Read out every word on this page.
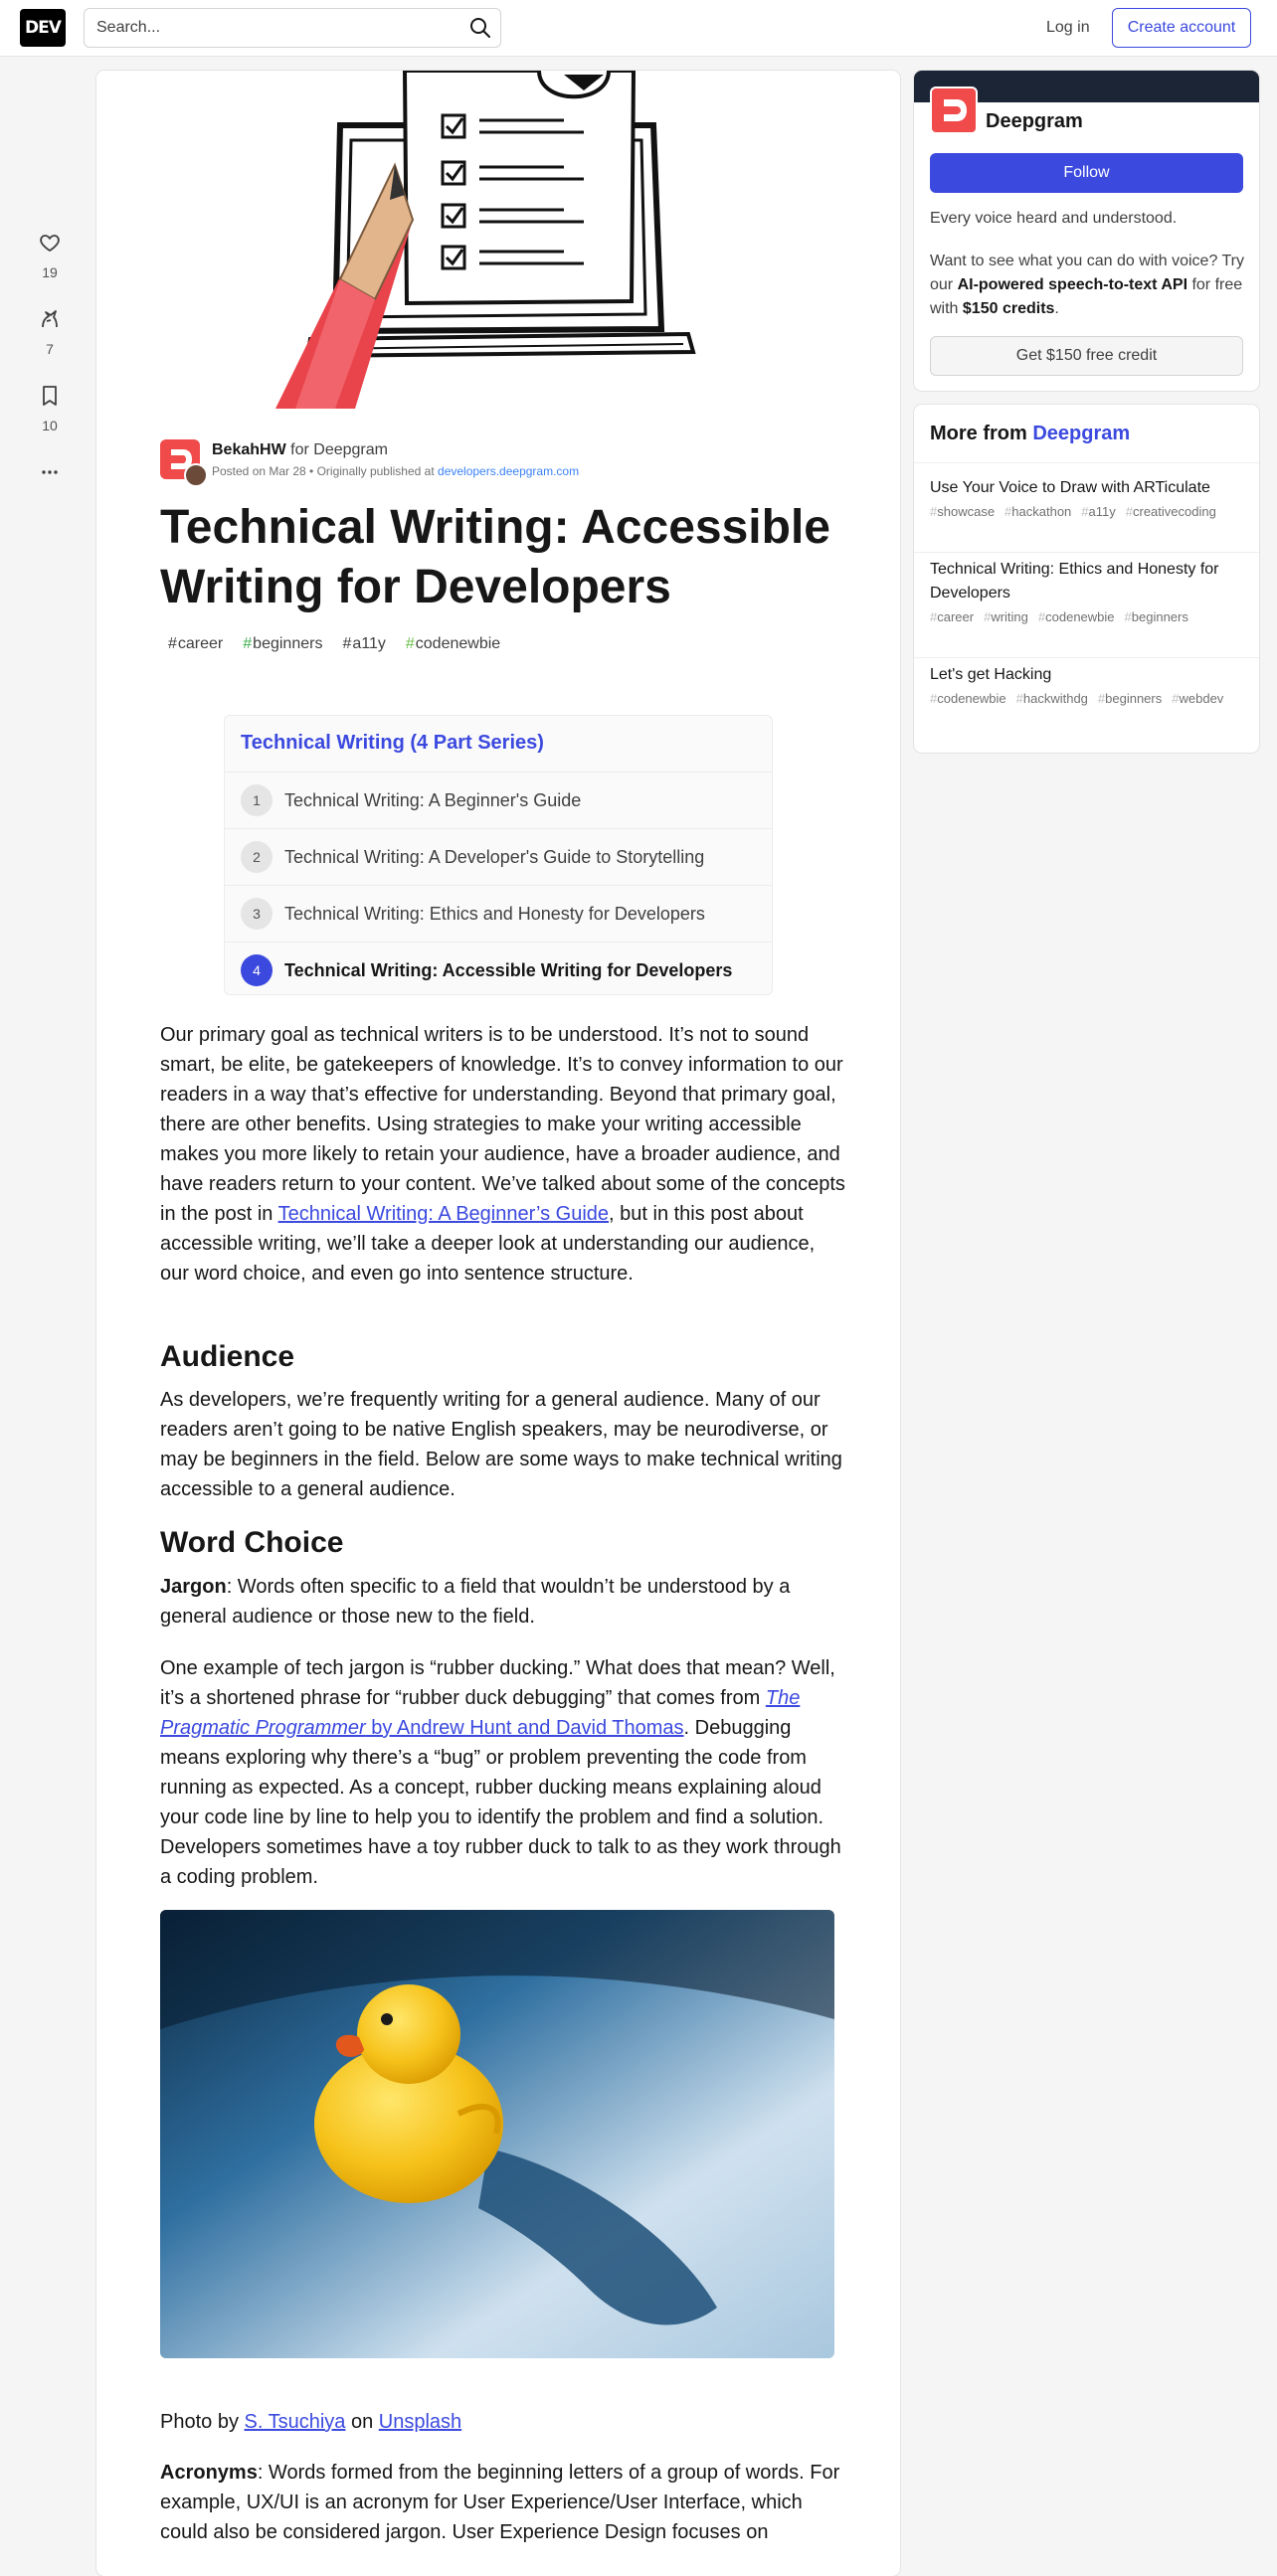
DEV
Search...	Log in	Create account
19
7
10
BekahHW for Deepgram
Posted on Mar 28 • Originally published at developers.deepgram.com
Technical Writing: Accessible Writing for Developers
#career	#beginners	#a11y	#codenewbie
Technical Writing (4 Part Series)
1	Technical Writing: A Beginner's Guide
2	Technical Writing: A Developer's Guide to Storytelling
3	Technical Writing: Ethics and Honesty for Developers
4	Technical Writing: Accessible Writing for Developers

Our primary goal as technical writers is to be understood. It’s not to sound smart, be elite, be gatekeepers of knowledge. It’s to convey information to our readers in a way that’s effective for understanding. Beyond that primary goal, there are other benefits. Using strategies to make your writing accessible makes you more likely to retain your audience, have a broader audience, and have readers return to your content. We’ve talked about some of the concepts in the post in Technical Writing: A Beginner’s Guide, but in this post about accessible writing, we’ll take a deeper look at understanding our audience, our word choice, and even go into sentence structure.

Audience

As developers, we’re frequently writing for a general audience. Many of our readers aren’t going to be native English speakers, may be neurodiverse, or may be beginners in the field. Below are some ways to make technical writing accessible to a general audience.

Word Choice

Jargon: Words often specific to a field that wouldn’t be understood by a general audience or those new to the field.

One example of tech jargon is “rubber ducking.” What does that mean? Well, it’s a shortened phrase for “rubber duck debugging” that comes from The Pragmatic Programmer by Andrew Hunt and David Thomas. Debugging means exploring why there’s a “bug” or problem preventing the code from running as expected. As a concept, rubber ducking means explaining aloud your code line by line to help you to identify the problem and find a solution. Developers sometimes have a toy rubber duck to talk to as they work through a coding problem.

Photo by S. Tsuchiya on Unsplash

Acronyms: Words formed from the beginning letters of a group of words. For example, UX/UI is an acronym for User Experience/User Interface, which could also be considered jargon. User Experience Design focuses on

Deepgram
Follow
Every voice heard and understood.
Want to see what you can do with voice? Try our AI-powered speech-to-text API for free with $150 credits.
Get $150 free credit
More from Deepgram
Use Your Voice to Draw with ARTiculate
# showcase	# hackathon	# a11y	# creativecoding
Technical Writing: Ethics and Honesty for Developers
# career	# writing	# codenewbie	# beginners
Let's get Hacking
# codenewbie	# hackwithdg	# beginners	# webdev
